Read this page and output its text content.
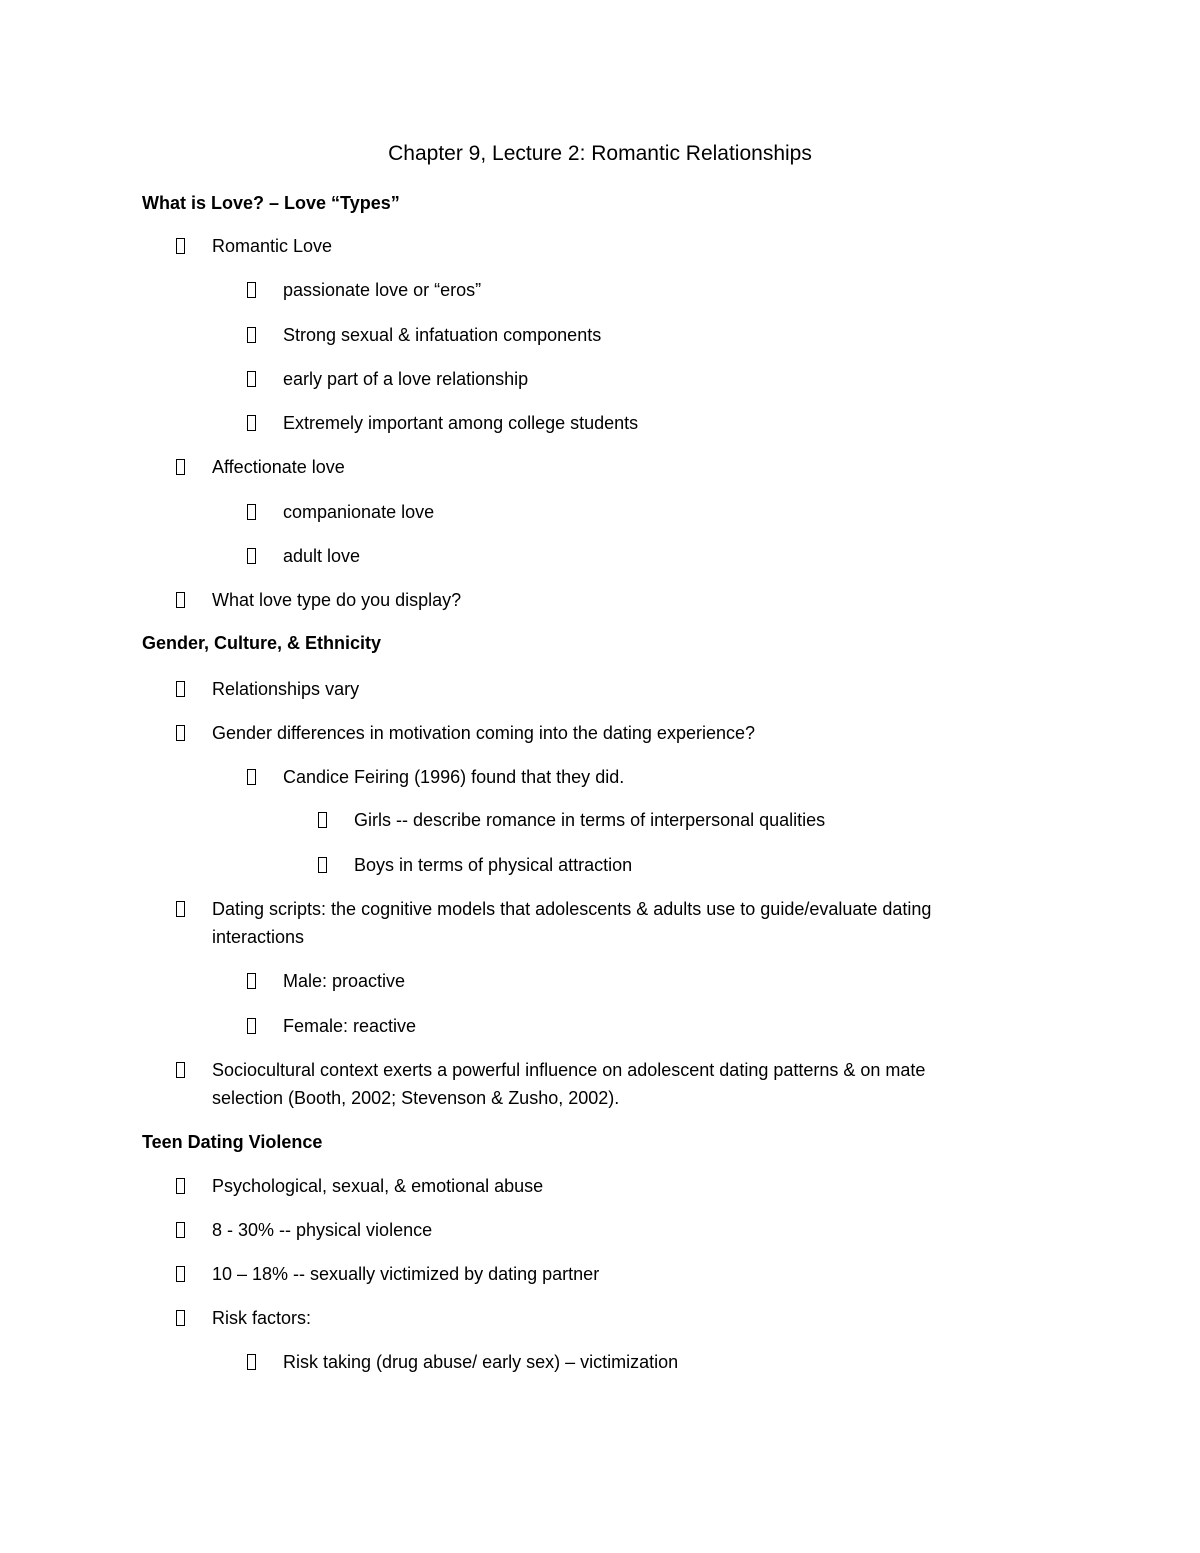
Chapter 9, Lecture 2: Romantic Relationships
What is Love? – Love “Types”
Romantic Love
passionate love or “eros”
Strong sexual & infatuation components
early part of a love relationship
Extremely important among college students
Affectionate love
companionate love
adult love
What love type do you display?
Gender, Culture, & Ethnicity
Relationships vary
Gender differences in motivation coming into the dating experience?
Candice Feiring (1996) found that they did.
Girls -- describe romance in terms of interpersonal qualities
Boys in terms of physical attraction
Dating scripts: the cognitive models that adolescents & adults use to guide/evaluate dating
interactions
Male: proactive
Female: reactive
Sociocultural context exerts a powerful influence on adolescent dating patterns & on mate
selection (Booth, 2002; Stevenson & Zusho, 2002).
Teen Dating Violence
Psychological, sexual, & emotional abuse
8 - 30% -- physical violence
10 – 18% -- sexually victimized by dating partner
Risk factors:
Risk taking (drug abuse/ early sex) – victimization
